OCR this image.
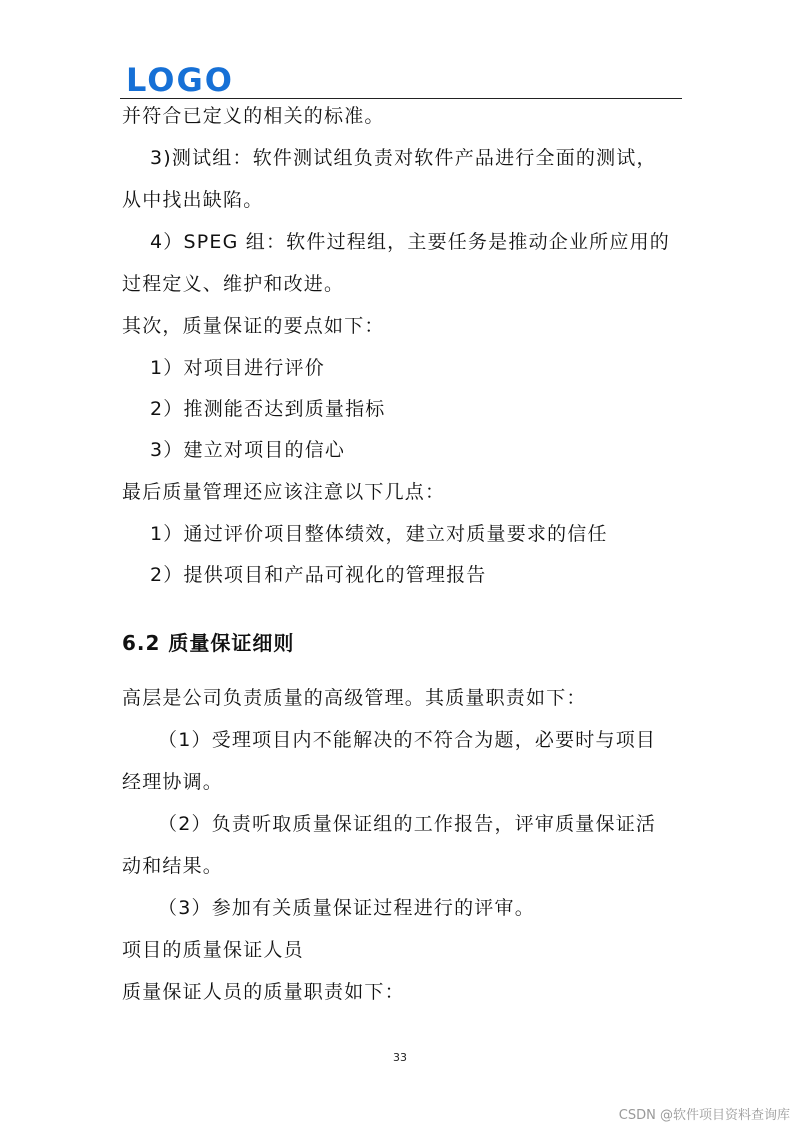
LOGO
并符合已定义的相关的标准。
3)测试组：软件测试组负责对软件产品进行全面的测试，
从中找出缺陷。
4）SPEG 组：软件过程组，主要任务是推动企业所应用的
过程定义、维护和改进。
其次，质量保证的要点如下：
1）对项目进行评价
2）推测能否达到质量指标
3）建立对项目的信心
最后质量管理还应该注意以下几点：
1）通过评价项目整体绩效，建立对质量要求的信任
2）提供项目和产品可视化的管理报告
6.2 质量保证细则
高层是公司负责质量的高级管理。其质量职责如下：
（1）受理项目内不能解决的不符合为题，必要时与项目
经理协调。
（2）负责听取质量保证组的工作报告，评审质量保证活
动和结果。
（3）参加有关质量保证过程进行的评审。
项目的质量保证人员
质量保证人员的质量职责如下：
33
CSDN @软件项目资料查询库
